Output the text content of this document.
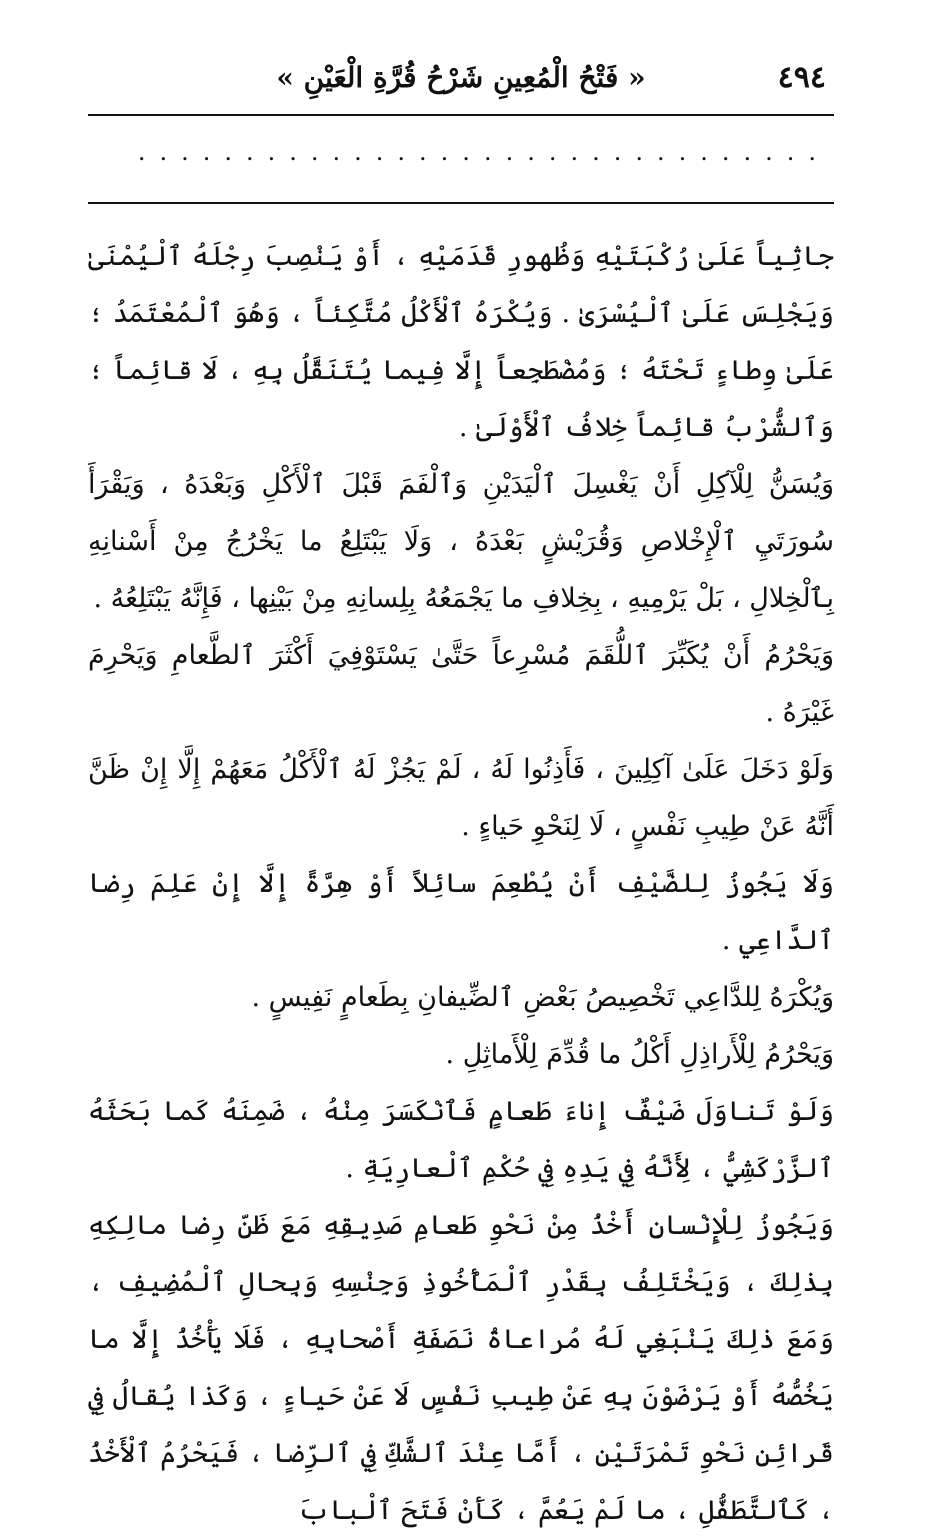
٤٩٤
« فَتْحُ الْمُعِينِ شَرْحُ قُرَّةِ الْعَيْنِ »
................................

جاثِياً عَلَىٰ رُكْبَتَيْهِ وَظُهورِ قَدَمَيْهِ ، أَوْ يَنْصِبَ رِجْلَهُ ٱلْيُمْنَىٰ وَيَجْلِسَ عَلَىٰ ٱلْيُسْرَىٰ . وَيُكْرَهُ ٱلْأَكْلُ مُتَّكِئاً ، وَهُوَ ٱلْمُعْتَمَدُ ؛ عَلَىٰ وِطاءٍ تَحْتَهُ ؛ وَمُضْطَجِعاً إِلَّا فِيما يُتَنَقَّلُ بِهِ ، لَا قائِماً ؛ وَٱلشُّرْبُ قائِماً خِلافُ ٱلْأَوْلَىٰ .

وَيُسَنُّ لِلْآكِلِ أَنْ يَغْسِلَ ٱلْيَدَيْنِ وَٱلْفَمَ قَبْلَ ٱلْأَكْلِ وَبَعْدَهُ ، وَيَقْرَأَ سُورَتَيِ ٱلْإِخْلاصِ وَقُرَيْشٍ بَعْدَهُ ، وَلَا يَبْتَلِعُ ما يَخْرُجُ مِنْ أَسْنانِهِ بِٱلْخِلالِ ، بَلْ يَرْمِيهِ ، بِخِلافِ ما يَجْمَعُهُ بِلِسانِهِ مِنْ بَيْنِها ، فَإِنَّهُ يَبْتَلِعُهُ .

وَيَحْرُمُ أَنْ يُكَبِّرَ ٱللُّقَمَ مُسْرِعاً حَتَّىٰ يَسْتَوْفِيَ أَكْثَرَ ٱلطَّعامِ وَيَحْرِمَ غَيْرَهُ .

وَلَوْ دَخَلَ عَلَىٰ آكِلِينَ ، فَأَذِنُوا لَهُ ، لَمْ يَجُزْ لَهُ ٱلْأَكْلُ مَعَهُمْ إِلَّا إِنْ ظَنَّ أَنَّهُ عَنْ طِيبِ نَفْسٍ ، لَا لِنَحْوِ حَياءٍ .

وَلَا يَجُوزُ لِلضَّيْفِ أَنْ يُطْعِمَ سائِلاً أَوْ هِرَّةً إِلَّا إِنْ عَلِمَ رِضا ٱلدَّاعِي .

وَيُكْرَهُ لِلدَّاعِي تَخْصِيصُ بَعْضِ ٱلضِّيفانِ بِطَعامٍ نَفِيسٍ .

وَيَحْرُمُ لِلْأَراذِلِ أَكْلُ ما قُدِّمَ لِلْأَماثِلِ .

وَلَوْ تَناوَلَ ضَيْفٌ إِناءَ طَعامٍ فَٱنْكَسَرَ مِنْهُ ، ضَمِنَهُ كَما بَحَثَهُ ٱلزَّرْكَشِيُّ ، لِأَنَّهُ فِي يَدِهِ فِي حُكْمِ ٱلْعارِيَةِ .

وَيَجُوزُ لِلْإِنْسانِ أَخْذُ مِنْ نَحْوِ طَعامِ صَدِيقِهِ مَعَ ظَنِّ رِضا مالِكِهِ بِذٰلِكَ ، وَيَخْتَلِفُ بِقَدْرِ ٱلْمَأْخُوذِ وَجِنْسِهِ وَبِحالِ ٱلْمُضِيفِ ، وَمَعَ ذٰلِكَ يَنْبَغِي لَهُ مُراعاةُ نَصَفَةِ أَصْحابِهِ ، فَلَا يَأْخُذُ إِلَّا ما يَخُصُّهُ أَوْ يَرْضَوْنَ بِهِ عَنْ طِيبِ نَفْسٍ لَا عَنْ حَياءٍ ، وَكَذا يُقالُ فِي قَرائِنِ نَحْوِ تَمْرَتَيْنِ ، أَمَّا عِنْدَ ٱلشَّكِّ فِي ٱلرِّضا ، فَيَحْرُمُ ٱلْأَخْذُ ، كَٱلتَّطَفُّلِ ، ما لَمْ يَعُمَّ ، كَأَنْ فَتَحَ ٱلْبابَ
